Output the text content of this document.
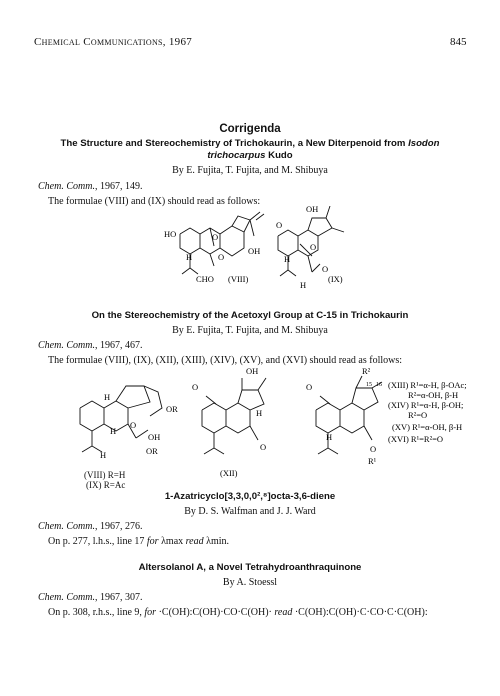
Chemical Communications, 1967	845
Corrigenda
The Structure and Stereochemistry of Trichokaurin, a New Diterpenoid from Isodon
trichocarpus Kudo
By E. Fujita, T. Fujita, and M. Shibuya
Chem. Comm., 1967, 149.
The formulae (VIII) and (IX) should read as follows:
HO	O
O
OH
CHO
H
OH
O
O
O
H
H
(VIII)	(IX)
On the Stereochemistry of the Acetoxyl Group at C-15 in Trichokaurin
By E. Fujita, T. Fujita, and M. Shibuya
Chem. Comm., 1967, 467.
The formulae (VIII), (IX), (XII), (XIII), (XIV), (XV), and (XVI) should read as follows:
H
OR
O
OH
OR
H
H
OH
O
H
O
O
H
O
R²
R¹
15 16
(XII)
(XIII) R¹=α-H, β-OAc;
R²=α-OH, β-H
(XIV) R¹=α-H, β-OH;
R²=O
(XV) R¹=α-OH, β-H
(XVI) R¹=R²=O
(VIII) R=H
(IX) R=Ac
1-Azatricyclo[3,3,0,0²,⁸]octa-3,6-diene
By D. S. Walfman and J. J. Ward
Chem. Comm., 1967, 276.
On p. 277, l.h.s., line 17 for λmax read λmin.
Altersolanol A, a Novel Tetrahydroanthraquinone
By A. Stoessl
Chem. Comm., 1967, 307.
On p. 308, r.h.s., line 9, for ·C(OH):C(OH)·CO·C(OH)· read ·C(OH):C(OH)·C·CO·C·C(OH):
